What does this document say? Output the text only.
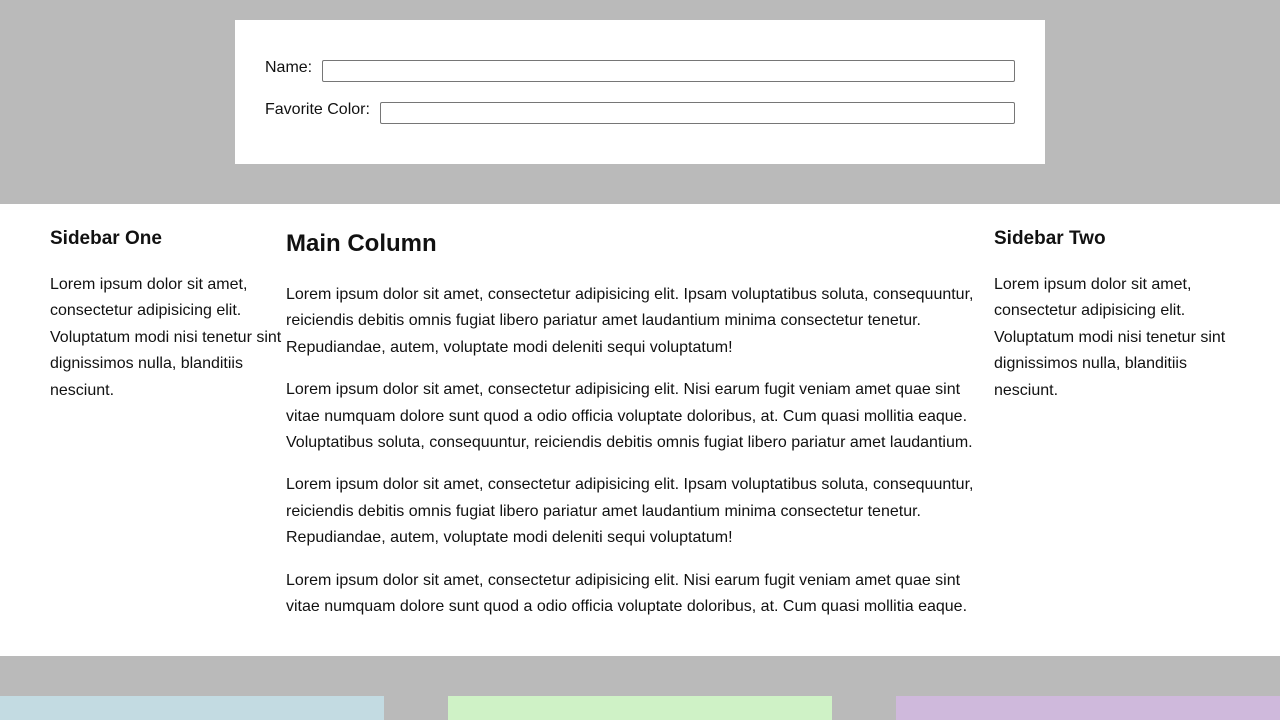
Name:
Favorite Color:
Sidebar One

Lorem ipsum dolor sit amet, consectetur adipisicing elit. Voluptatum modi nisi tenetur sint dignissimos nulla, blanditiis nesciunt.

Main Column

Lorem ipsum dolor sit amet, consectetur adipisicing elit. Ipsam voluptatibus soluta, consequuntur, reiciendis debitis omnis fugiat libero pariatur amet laudantium minima consectetur tenetur. Repudiandae, autem, voluptate modi deleniti sequi voluptatum!

Lorem ipsum dolor sit amet, consectetur adipisicing elit. Nisi earum fugit veniam amet quae sint vitae numquam dolore sunt quod a odio officia voluptate doloribus, at. Cum quasi mollitia eaque. Voluptatibus soluta, consequuntur, reiciendis debitis omnis fugiat libero pariatur amet laudantium.

Lorem ipsum dolor sit amet, consectetur adipisicing elit. Ipsam voluptatibus soluta, consequuntur, reiciendis debitis omnis fugiat libero pariatur amet laudantium minima consectetur tenetur. Repudiandae, autem, voluptate modi deleniti sequi voluptatum!

Lorem ipsum dolor sit amet, consectetur adipisicing elit. Nisi earum fugit veniam amet quae sint vitae numquam dolore sunt quod a odio officia voluptate doloribus, at. Cum quasi mollitia eaque.

Sidebar Two

Lorem ipsum dolor sit amet, consectetur adipisicing elit. Voluptatum modi nisi tenetur sint dignissimos nulla, blanditiis nesciunt.
